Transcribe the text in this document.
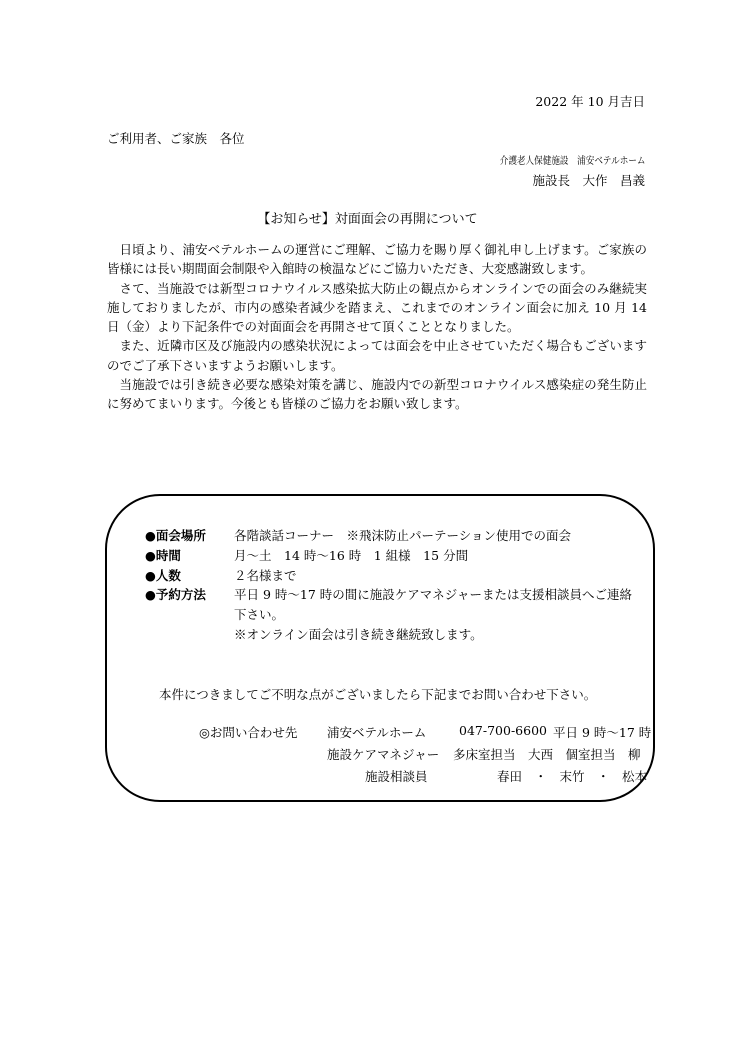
2022 年 10 月吉日
ご利用者、ご家族　各位
介護老人保健施設　浦安ベテルホーム
施設長　大作　昌義
【お知らせ】対面面会の再開について

日頃より、浦安ベテルホームの運営にご理解、ご協力を賜り厚く御礼申し上げます。ご家族の皆様には長い期間面会制限や入館時の検温などにご協力いただき、大変感謝致します。

さて、当施設では新型コロナウイルス感染拡大防止の観点からオンラインでの面会のみ継続実施しておりましたが、市内の感染者減少を踏まえ、これまでのオンライン面会に加え 10 月 14 日（金）より下記条件での対面面会を再開させて頂くこととなりました。

また、近隣市区及び施設内の感染状況によっては面会を中止させていただく場合もございますのでご了承下さいますようお願いします。

当施設では引き続き必要な感染対策を講じ、施設内での新型コロナウイルス感染症の発生防止に努めてまいります。今後とも皆様のご協力をお願い致します。

●面会場所 各階談話コーナー　※飛沫防止パーテーション使用での面会
●時間	月～土　14 時～16 時　1 組様　15 分間
●人数	２名様まで
●予約方法 平日 9 時～17 時の間に施設ケアマネジャーまたは支援相談員へご連絡
下さい。
※オンライン面会は引き続き継続致します。
本件につきましてご不明な点がございましたら下記までお問い合わせ下さい。
◎お問い合わせ先 浦安ベテルホーム	047-700-6600 平日 9 時～17 時
施設ケアマネジャー 多床室担当　大西　個室担当　柳
施設相談員	春田　・　末竹　・　松本
